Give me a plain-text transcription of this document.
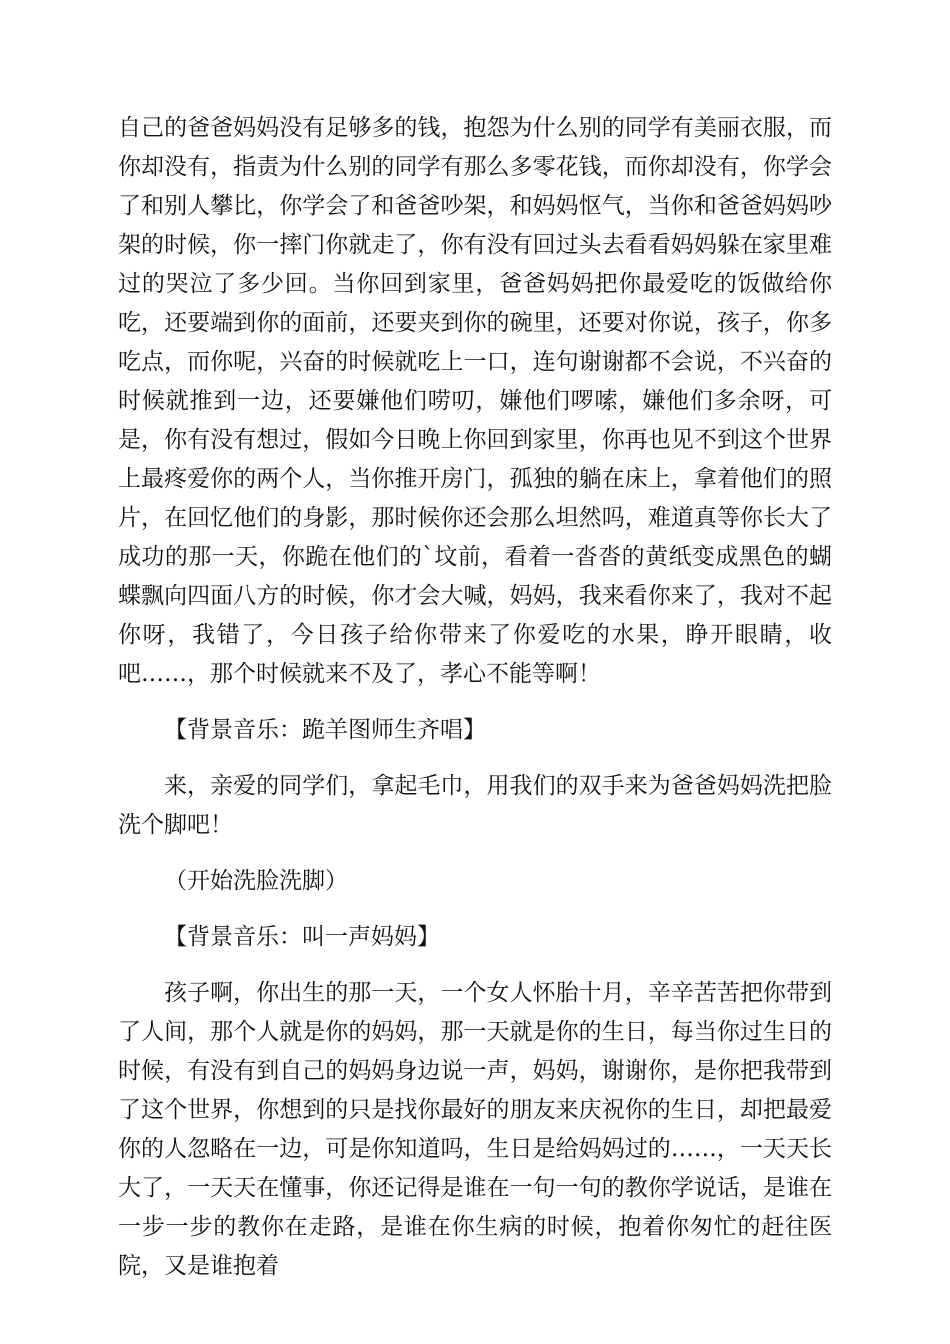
自己的爸爸妈妈没有足够多的钱，抱怨为什么别的同学有美丽衣服，而你却没有，指责为什么别的同学有那么多零花钱，而你却没有，你学会了和别人攀比，你学会了和爸爸吵架，和妈妈怄气，当你和爸爸妈妈吵架的时候，你一摔门你就走了，你有没有回过头去看看妈妈躲在家里难过的哭泣了多少回。当你回到家里，爸爸妈妈把你最爱吃的饭做给你吃，还要端到你的面前，还要夹到你的碗里，还要对你说，孩子，你多吃点，而你呢，兴奋的时候就吃上一口，连句谢谢都不会说，不兴奋的时候就推到一边，还要嫌他们唠叨，嫌他们啰嗦，嫌他们多余呀，可是，你有没有想过，假如今日晚上你回到家里，你再也见不到这个世界上最疼爱你的两个人，当你推开房门，孤独的躺在床上，拿着他们的照片，在回忆他们的身影，那时候你还会那么坦然吗，难道真等你长大了成功的那一天，你跪在他们的`坟前，看着一沓沓的黄纸变成黑色的蝴蝶飘向四面八方的时候，你才会大喊，妈妈，我来看你来了，我对不起你呀，我错了，今日孩子给你带来了你爱吃的水果，睁开眼睛，收吧……，那个时候就来不及了，孝心不能等啊！

【背景音乐：跪羊图师生齐唱】

来，亲爱的同学们，拿起毛巾，用我们的双手来为爸爸妈妈洗把脸洗个脚吧！

（开始洗脸洗脚）

【背景音乐：叫一声妈妈】

孩子啊，你出生的那一天，一个女人怀胎十月，辛辛苦苦把你带到了人间，那个人就是你的妈妈，那一天就是你的生日，每当你过生日的时候，有没有到自己的妈妈身边说一声，妈妈，谢谢你，是你把我带到了这个世界，你想到的只是找你最好的朋友来庆祝你的生日，却把最爱你的人忽略在一边，可是你知道吗，生日是给妈妈过的……，一天天长大了，一天天在懂事，你还记得是谁在一句一句的教你学说话，是谁在一步一步的教你在走路，是谁在你生病的时候，抱着你匆忙的赶往医院，又是谁抱着
